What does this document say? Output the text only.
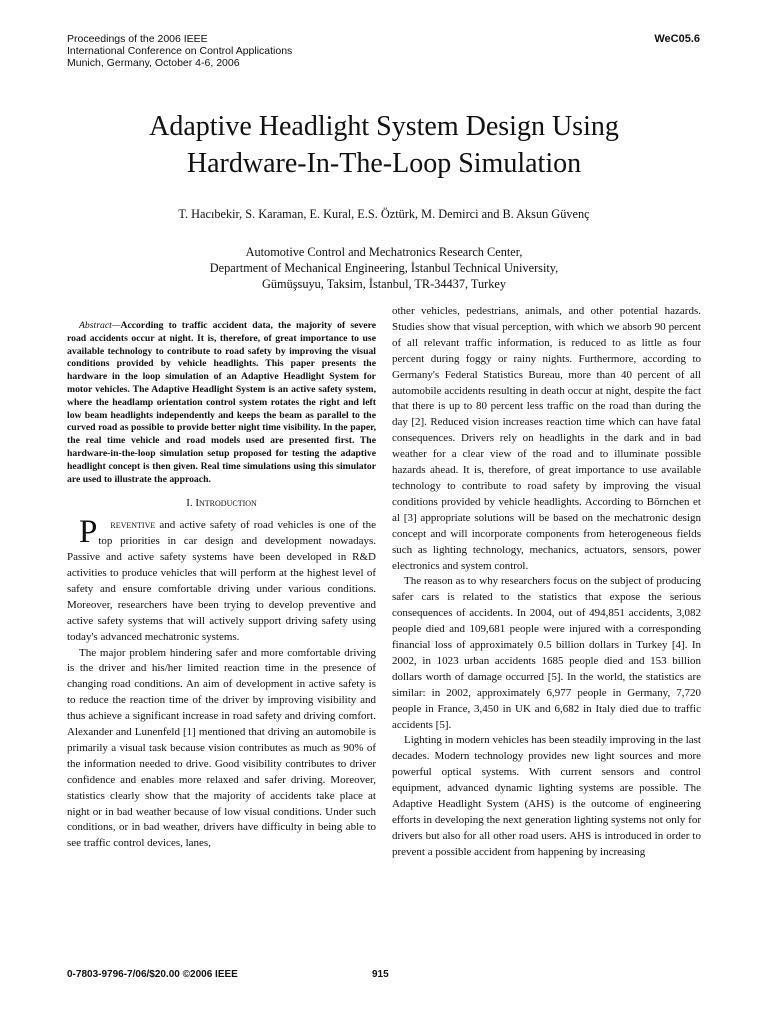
Proceedings of the 2006 IEEE
International Conference on Control Applications
Munich, Germany, October 4-6, 2006
WeC05.6
Adaptive Headlight System Design Using
Hardware-In-The-Loop Simulation
T. Hacıbekir, S. Karaman, E. Kural, E.S. Öztürk, M. Demirci and B. Aksun Güvenç
Automotive Control and Mechatronics Research Center,
Department of Mechanical Engineering, İstanbul Technical University,
Gümüşsuyu, Taksim, İstanbul, TR-34437, Turkey

Abstract—According to traffic accident data, the majority of severe road accidents occur at night. It is, therefore, of great importance to use available technology to contribute to road safety by improving the visual conditions provided by vehicle headlights. This paper presents the hardware in the loop simulation of an Adaptive Headlight System for motor vehicles. The Adaptive Headlight System is an active safety system, where the headlamp orientation control system rotates the right and left low beam headlights independently and keeps the beam as parallel to the curved road as possible to provide better night time visibility. In the paper, the real time vehicle and road models used are presented first. The hardware-in-the-loop simulation setup proposed for testing the adaptive headlight concept is then given. Real time simulations using this simulator are used to illustrate the approach.

I. Introduction

P reventive and active safety of road vehicles is one of the top priorities in car design and development nowadays. Passive and active safety systems have been developed in R&D activities to produce vehicles that will perform at the highest level of safety and ensure comfortable driving under various conditions. Moreover, researchers have been trying to develop preventive and active safety systems that will actively support driving safety using today's advanced mechatronic systems.

The major problem hindering safer and more comfortable driving is the driver and his/her limited reaction time in the presence of changing road conditions. An aim of development in active safety is to reduce the reaction time of the driver by improving visibility and thus achieve a significant increase in road safety and driving comfort. Alexander and Lunenfeld [1] mentioned that driving an automobile is primarily a visual task because vision contributes as much as 90% of the information needed to drive. Good visibility contributes to driver confidence and enables more relaxed and safer driving. Moreover, statistics clearly show that the majority of accidents take place at night or in bad weather because of low visual conditions. Under such conditions, or in bad weather, drivers have difficulty in being able to see traffic control devices, lanes,

other vehicles, pedestrians, animals, and other potential hazards. Studies show that visual perception, with which we absorb 90 percent of all relevant traffic information, is reduced to as little as four percent during foggy or rainy nights. Furthermore, according to Germany's Federal Statistics Bureau, more than 40 percent of all automobile accidents resulting in death occur at night, despite the fact that there is up to 80 percent less traffic on the road than during the day [2]. Reduced vision increases reaction time which can have fatal consequences. Drivers rely on headlights in the dark and in bad weather for a clear view of the road and to illuminate possible hazards ahead. It is, therefore, of great importance to use available technology to contribute to road safety by improving the visual conditions provided by vehicle headlights. According to Börnchen et al [3] appropriate solutions will be based on the mechatronic design concept and will incorporate components from heterogeneous fields such as lighting technology, mechanics, actuators, sensors, power electronics and system control.

The reason as to why researchers focus on the subject of producing safer cars is related to the statistics that expose the serious consequences of accidents. In 2004, out of 494,851 accidents, 3,082 people died and 109,681 people were injured with a corresponding financial loss of approximately 0.5 billion dollars in Turkey [4]. In 2002, in 1023 urban accidents 1685 people died and 153 billion dollars worth of damage occurred [5]. In the world, the statistics are similar: in 2002, approximately 6,977 people in Germany, 7,720 people in France, 3,450 in UK and 6,682 in Italy died due to traffic accidents [5].

Lighting in modern vehicles has been steadily improving in the last decades. Modern technology provides new light sources and more powerful optical systems. With current sensors and control equipment, advanced dynamic lighting systems are possible. The Adaptive Headlight System (AHS) is the outcome of engineering efforts in developing the next generation lighting systems not only for drivers but also for all other road users. AHS is introduced in order to prevent a possible accident from happening by increasing

0-7803-9796-7/06/$20.00 ©2006 IEEE	915
